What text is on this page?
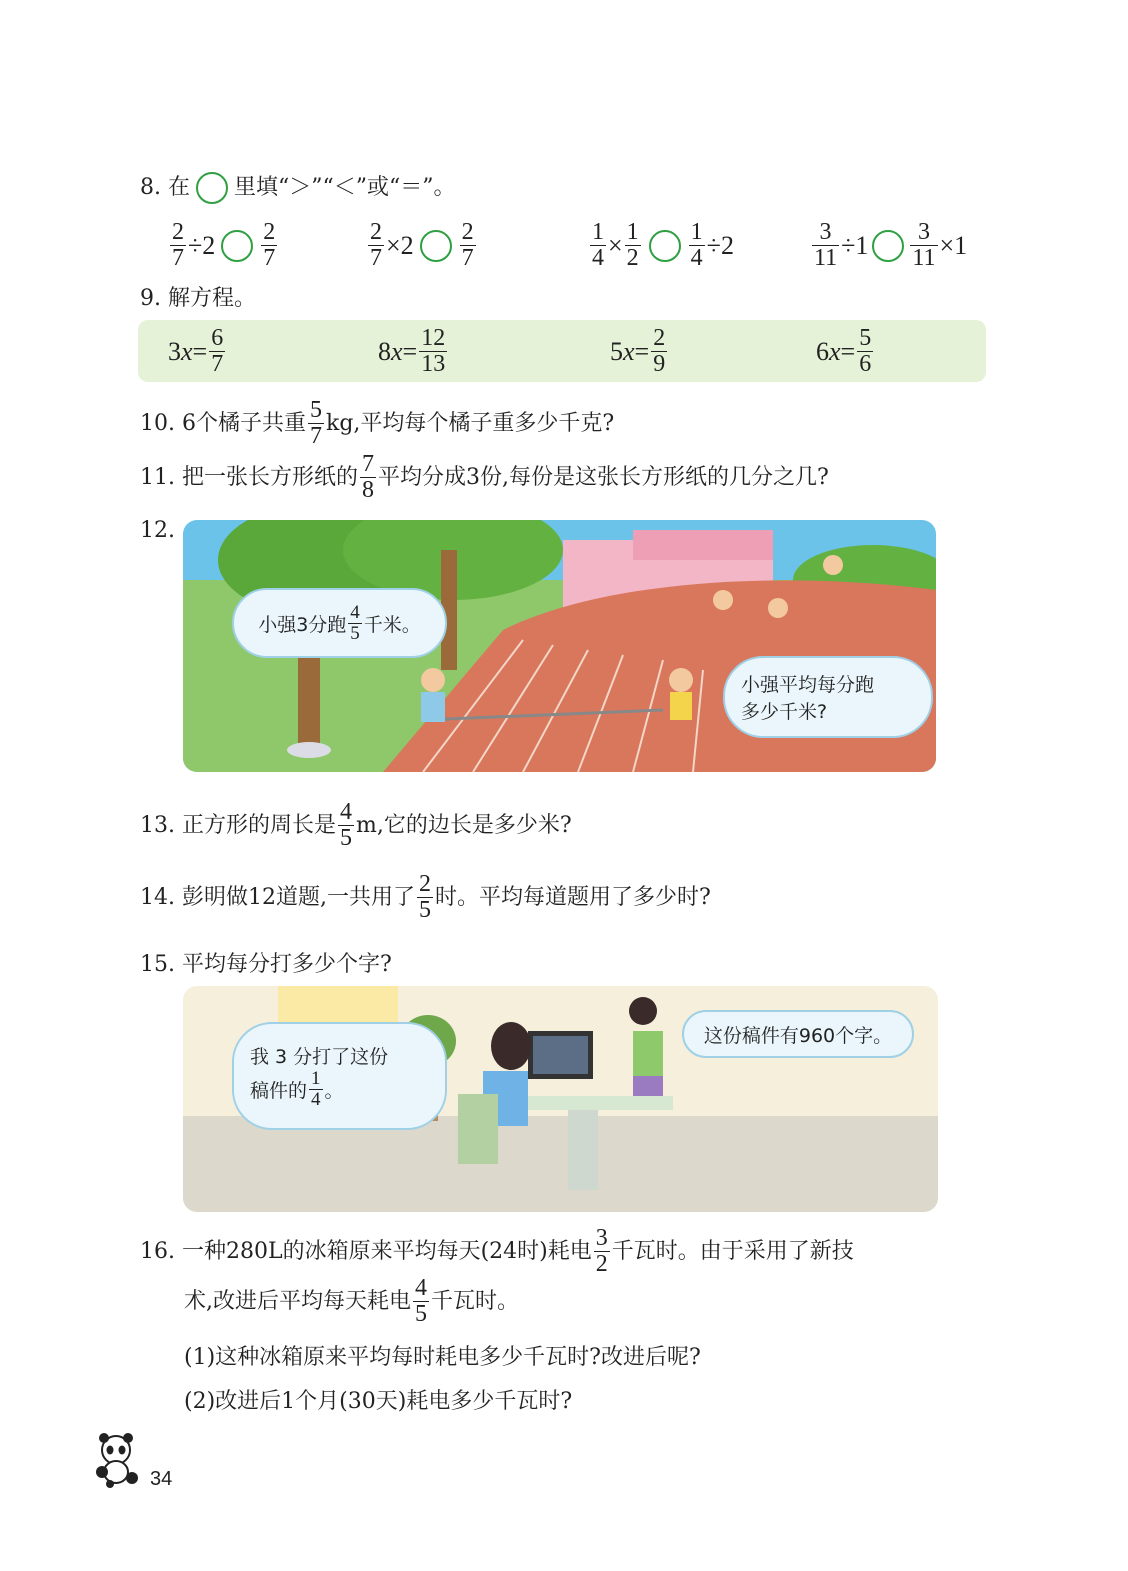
8. 在 里填“＞”“＜”或“＝”。
$\frac{2}{7} \div 2 \frac{2}{7}$	$\frac{2}{7} \times 2 \frac{2}{7}$	$\frac{1}{4} \times \frac{1}{2} \frac{1}{4} \div 2$	$\frac{3}{11} \div 1 \frac{3}{11} \times 1$
9. 解方程。
3 $x = \frac{6}{7}$	8 $x = \frac{12}{13}$	5 $x = \frac{2}{9}$	6 $x = \frac{5}{6}$
10. 6个橘子共重 $\frac{5}{7}$ kg,平均每个橘子重多少千克?
11. 把一张长方形纸的 $\frac{7}{8}$ 平均分成3份,每份是这张长方形纸的几分之几?
12.
小强3分跑 $\frac{4}{5}$ 千米。
小强平均每分跑
多少千米?
13. 正方形的周长是 $\frac{4}{5} m$,它的边长是多少米?
14. 彭明做12道题,一共用了 $\frac{2}{5}$ 时。平均每道题用了多少时?
15. 平均每分打多少个字?
我 3 分打了这份
稿件的 $\frac{1}{4}$ 。
这份稿件有960个字。
16. 一种280L的冰箱原来平均每天(24时)耗电 $\frac{3}{2}$ 千瓦时。由于采用了新技
术,改进后平均每天耗电 $\frac{4}{5}$ 千瓦时。
(1)这种冰箱原来平均每时耗电多少千瓦时?改进后呢?
(2)改进后1个月(30天)耗电多少千瓦时?
34
